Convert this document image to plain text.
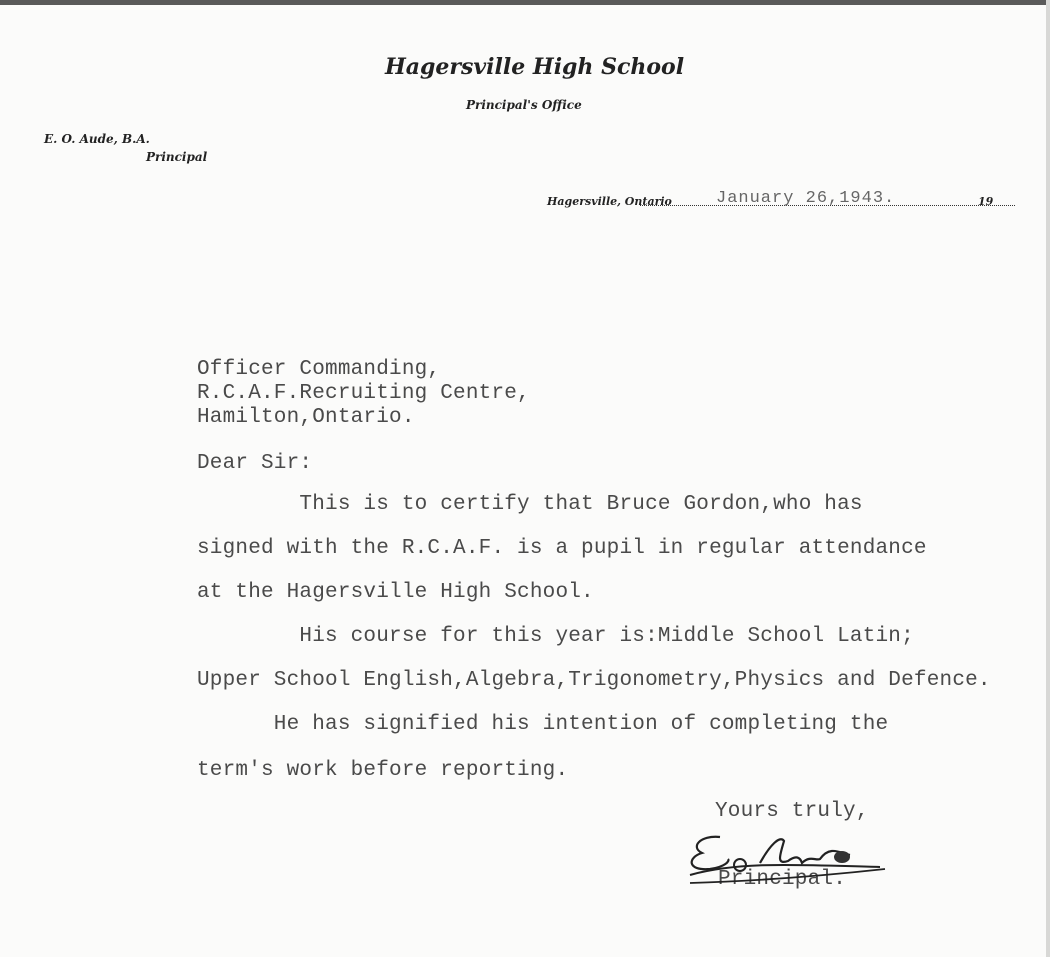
Hagersville High School
Principal's Office
E. O. Aude, B.A.
Principal
Hagersville, Ontario	January 26,1943.	19
Officer Commanding,
R.C.A.F.Recruiting Centre,
Hamilton,Ontario.
Dear Sir:
This is to certify that Bruce Gordon,who has
signed with the R.C.A.F. is a pupil in regular attendance
at the Hagersville High School.
His course for this year is:Middle School Latin;
Upper School English,Algebra,Trigonometry,Physics and Defence.
He has signified his intention of completing the
term's work before reporting.
Yours truly,
Principal.
